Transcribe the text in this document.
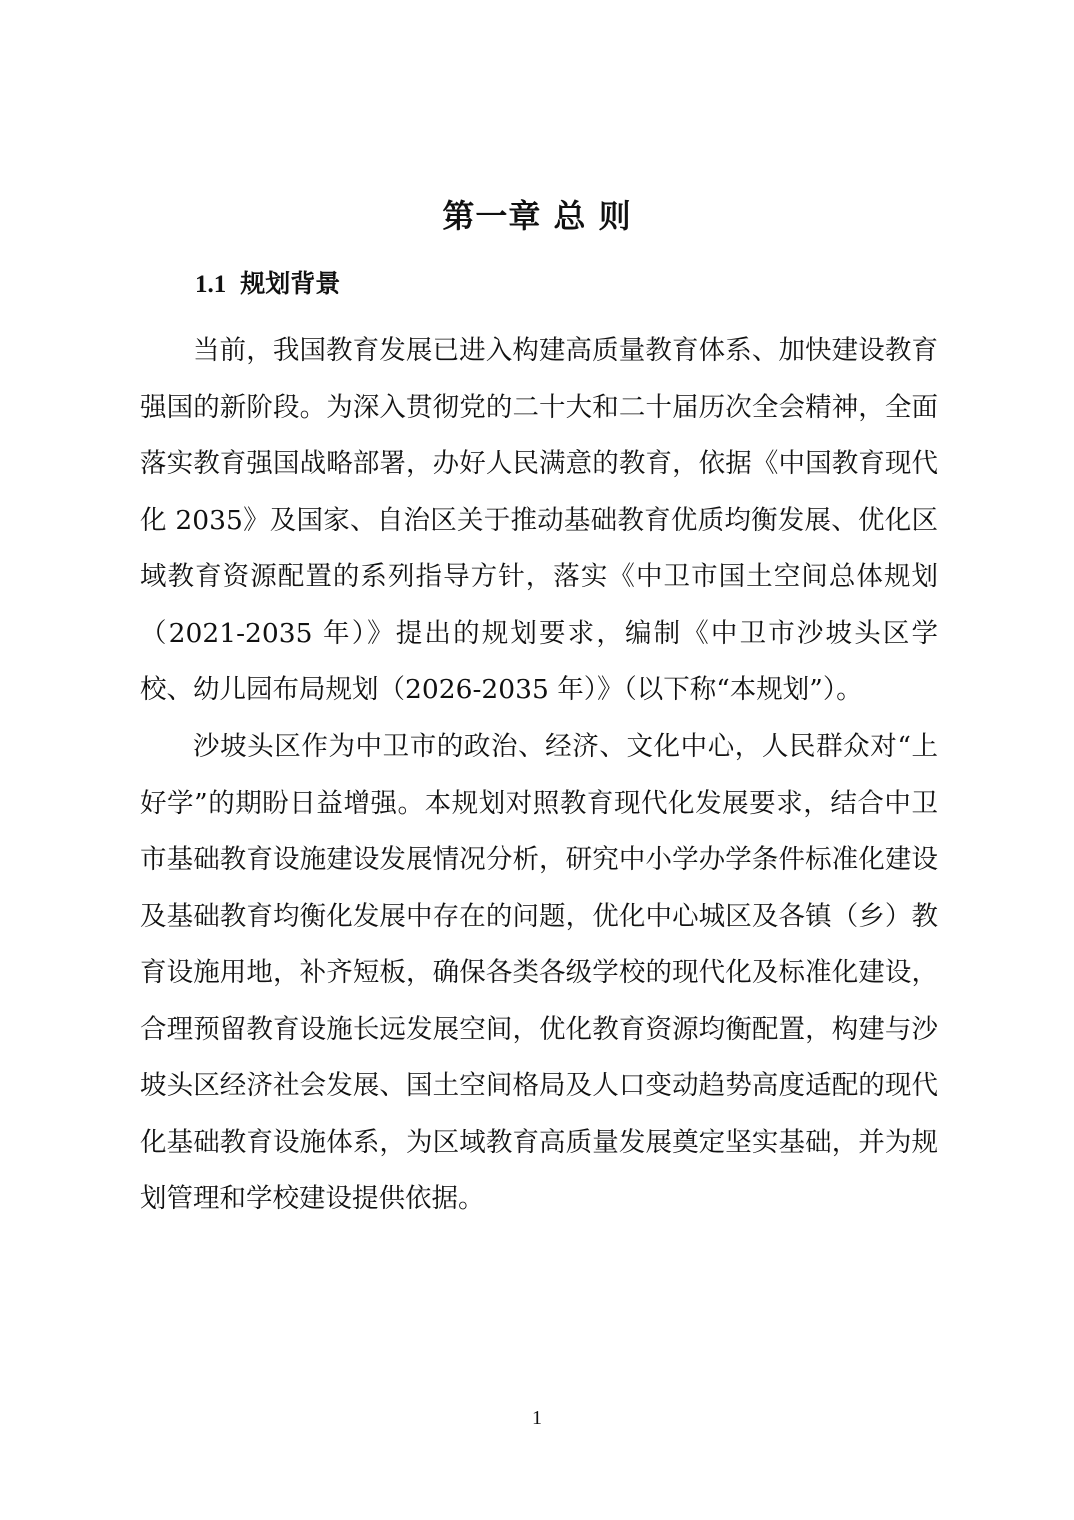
第一章 总 则
1.1 规划背景

当前，我国教育发展已进入构建高质量教育体系、加快建设教育强国的新阶段。为深入贯彻党的二十大和二十届历次全会精神，全面落实教育强国战略部署，办好人民满意的教育，依据《中国教育现代化 2035》及国家、自治区关于推动基础教育优质均衡发展、优化区域教育资源配置的系列指导方针，落实《中卫市国土空间总体规划（2021-2035 年）》提出的规划要求，编制《中卫市沙坡头区学校、幼儿园布局规划（2026-2035 年）》（以下称“本规划”）。

沙坡头区作为中卫市的政治、经济、文化中心，人民群众对“上好学”的期盼日益增强。本规划对照教育现代化发展要求，结合中卫市基础教育设施建设发展情况分析，研究中小学办学条件标准化建设及基础教育均衡化发展中存在的问题，优化中心城区及各镇（乡）教育设施用地，补齐短板，确保各类各级学校的现代化及标准化建设，合理预留教育设施长远发展空间，优化教育资源均衡配置，构建与沙坡头区经济社会发展、国土空间格局及人口变动趋势高度适配的现代化基础教育设施体系，为区域教育高质量发展奠定坚实基础，并为规划管理和学校建设提供依据。

1
